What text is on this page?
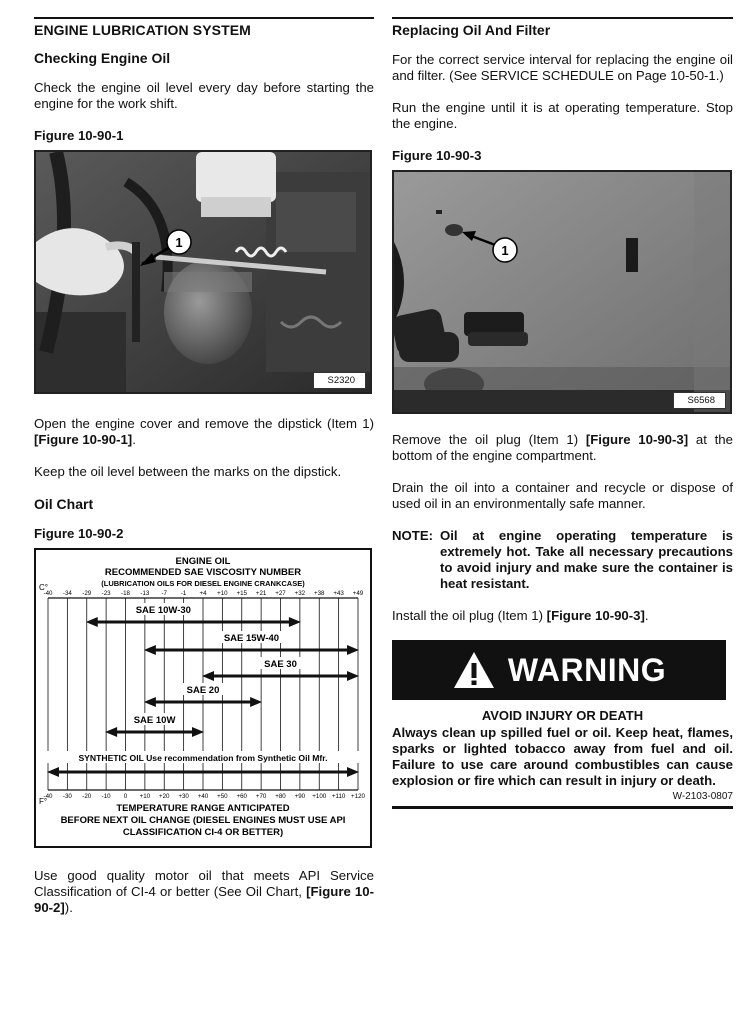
ENGINE LUBRICATION SYSTEM
Checking Engine Oil

Check the engine oil level every day before starting the engine for the work shift.

Figure 10-90-1
1
S2320

Open the engine cover and remove the dipstick (Item 1) [Figure 10-90-1].

Keep the oil level between the marks on the dipstick.

Oil Chart
Figure 10-90-2
ENGINE OIL
RECOMMENDED SAE VISCOSITY NUMBER
(LUBRICATION OILS FOR DIESEL ENGINE CRANKCASE)
C°
F°
-40
-40
-34
-30
-29
-20
-23
-10
-18
0
-13
+10
-7
+20
-1
+30
+4
+40
+10
+50
+15
+60
+21
+70
+27
+80
+32
+90
+38
+100
+43
+110
+49
+120
SAE 10W-30
SAE 15W-40
SAE 30
SAE 20
SAE 10W
SYNTHETIC OIL Use recommendation from Synthetic Oil Mfr.
TEMPERATURE RANGE ANTICIPATED
BEFORE NEXT OIL CHANGE (DIESEL ENGINES MUST USE API
CLASSIFICATION CI-4 OR BETTER)

Use good quality motor oil that meets API Service Classification of CI-4 or better (See Oil Chart, [Figure 10-90-2]).

Replacing Oil And Filter

For the correct service interval for replacing the engine oil and filter. (See SERVICE SCHEDULE on Page 10-50-1.)

Run the engine until it is at operating temperature. Stop the engine.

Figure 10-90-3
1
S6568

Remove the oil plug (Item 1) [Figure 10-90-3] at the bottom of the engine compartment.

Drain the oil into a container and recycle or dispose of used oil in an environmentally safe manner.

NOTE: Oil at engine operating temperature is extremely hot. Take all necessary precautions to avoid injury and make sure the container is heat resistant.

Install the oil plug (Item 1) [Figure 10-90-3].

WARNING
AVOID INJURY OR DEATH
Always clean up spilled fuel or oil. Keep heat, flames, sparks or lighted tobacco away from fuel and oil. Failure to use care around combustibles can cause explosion or fire which can result in injury or death.
W-2103-0807
